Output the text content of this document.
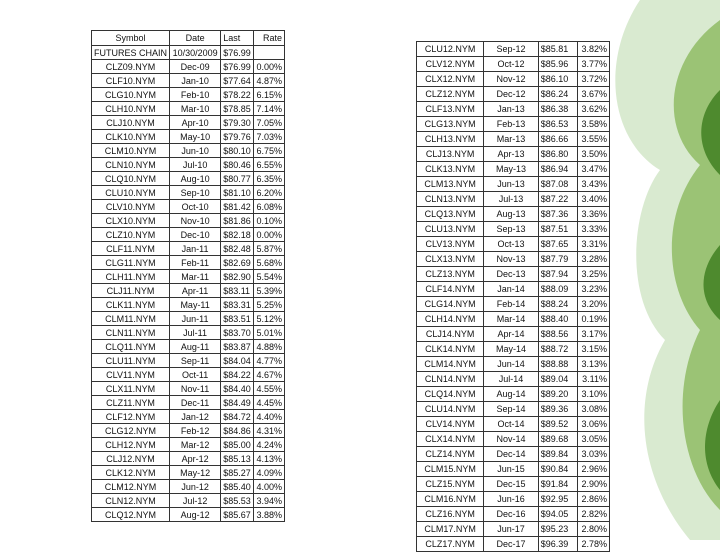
Symbol	Date	Last	Rate
FUTURES CHAIN	10/30/2009	$76.99	
CLZ09.NYM	Dec-09	$76.99	0.00%
CLF10.NYM	Jan-10	$77.64	4.87%
CLG10.NYM	Feb-10	$78.22	6.15%
CLH10.NYM	Mar-10	$78.85	7.14%
CLJ10.NYM	Apr-10	$79.30	7.05%
CLK10.NYM	May-10	$79.76	7.03%
CLM10.NYM	Jun-10	$80.10	6.75%
CLN10.NYM	Jul-10	$80.46	6.55%
CLQ10.NYM	Aug-10	$80.77	6.35%
CLU10.NYM	Sep-10	$81.10	6.20%
CLV10.NYM	Oct-10	$81.42	6.08%
CLX10.NYM	Nov-10	$81.86	0.10%
CLZ10.NYM	Dec-10	$82.18	0.00%
CLF11.NYM	Jan-11	$82.48	5.87%
CLG11.NYM	Feb-11	$82.69	5.68%
CLH11.NYM	Mar-11	$82.90	5.54%
CLJ11.NYM	Apr-11	$83.11	5.39%
CLK11.NYM	May-11	$83.31	5.25%
CLM11.NYM	Jun-11	$83.51	5.12%
CLN11.NYM	Jul-11	$83.70	5.01%
CLQ11.NYM	Aug-11	$83.87	4.88%
CLU11.NYM	Sep-11	$84.04	4.77%
CLV11.NYM	Oct-11	$84.22	4.67%
CLX11.NYM	Nov-11	$84.40	4.55%
CLZ11.NYM	Dec-11	$84.49	4.45%
CLF12.NYM	Jan-12	$84.72	4.40%
CLG12.NYM	Feb-12	$84.86	4.31%
CLH12.NYM	Mar-12	$85.00	4.24%
CLJ12.NYM	Apr-12	$85.13	4.13%
CLK12.NYM	May-12	$85.27	4.09%
CLM12.NYM	Jun-12	$85.40	4.00%
CLN12.NYM	Jul-12	$85.53	3.94%
CLQ12.NYM	Aug-12	$85.67	3.88%
CLU12.NYM	Sep-12	$85.81	3.82%
CLV12.NYM	Oct-12	$85.96	3.77%
CLX12.NYM	Nov-12	$86.10	3.72%
CLZ12.NYM	Dec-12	$86.24	3.67%
CLF13.NYM	Jan-13	$86.38	3.62%
CLG13.NYM	Feb-13	$86.53	3.58%
CLH13.NYM	Mar-13	$86.66	3.55%
CLJ13.NYM	Apr-13	$86.80	3.50%
CLK13.NYM	May-13	$86.94	3.47%
CLM13.NYM	Jun-13	$87.08	3.43%
CLN13.NYM	Jul-13	$87.22	3.40%
CLQ13.NYM	Aug-13	$87.36	3.36%
CLU13.NYM	Sep-13	$87.51	3.33%
CLV13.NYM	Oct-13	$87.65	3.31%
CLX13.NYM	Nov-13	$87.79	3.28%
CLZ13.NYM	Dec-13	$87.94	3.25%
CLF14.NYM	Jan-14	$88.09	3.23%
CLG14.NYM	Feb-14	$88.24	3.20%
CLH14.NYM	Mar-14	$88.40	0.19%
CLJ14.NYM	Apr-14	$88.56	3.17%
CLK14.NYM	May-14	$88.72	3.15%
CLM14.NYM	Jun-14	$88.88	3.13%
CLN14.NYM	Jul-14	$89.04	3.11%
CLQ14.NYM	Aug-14	$89.20	3.10%
CLU14.NYM	Sep-14	$89.36	3.08%
CLV14.NYM	Oct-14	$89.52	3.06%
CLX14.NYM	Nov-14	$89.68	3.05%
CLZ14.NYM	Dec-14	$89.84	3.03%
CLM15.NYM	Jun-15	$90.84	2.96%
CLZ15.NYM	Dec-15	$91.84	2.90%
CLM16.NYM	Jun-16	$92.95	2.86%
CLZ16.NYM	Dec-16	$94.05	2.82%
CLM17.NYM	Jun-17	$95.23	2.80%
CLZ17.NYM	Dec-17	$96.39	2.78%
